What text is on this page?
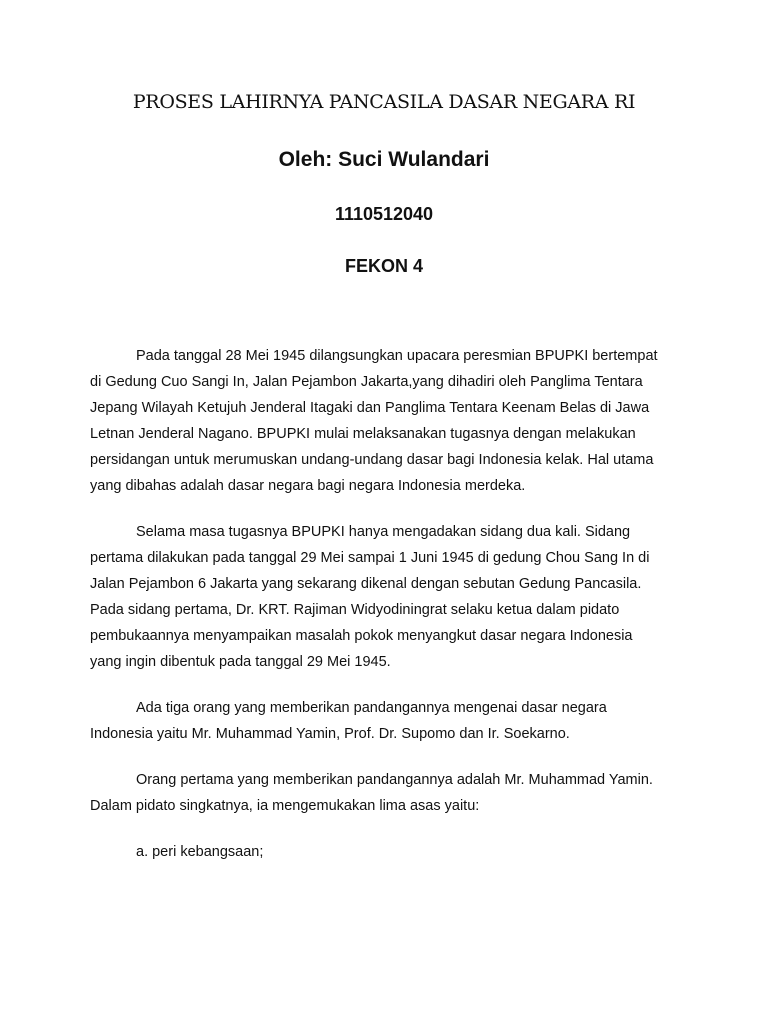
PROSES LAHIRNYA PANCASILA DASAR NEGARA RI
Oleh: Suci Wulandari
1110512040
FEKON 4

Pada tanggal 28 Mei 1945 dilangsungkan upacara peresmian BPUPKI bertempat
di Gedung Cuo Sangi In, Jalan Pejambon Jakarta,yang dihadiri oleh Panglima Tentara
Jepang Wilayah Ketujuh Jenderal Itagaki dan Panglima Tentara Keenam Belas di Jawa
Letnan Jenderal Nagano. BPUPKI mulai melaksanakan tugasnya dengan melakukan
persidangan untuk merumuskan undang-undang dasar bagi Indonesia kelak. Hal utama
yang dibahas adalah dasar negara bagi negara Indonesia merdeka.

Selama masa tugasnya BPUPKI hanya mengadakan sidang dua kali. Sidang
pertama dilakukan pada tanggal 29 Mei sampai 1 Juni 1945 di gedung Chou Sang In di
Jalan Pejambon 6 Jakarta yang sekarang dikenal dengan sebutan Gedung Pancasila.
Pada sidang pertama, Dr. KRT. Rajiman Widyodiningrat selaku ketua dalam pidato
pembukaannya menyampaikan masalah pokok menyangkut dasar negara Indonesia
yang ingin dibentuk pada tanggal 29 Mei 1945.

Ada tiga orang yang memberikan pandangannya mengenai dasar negara
Indonesia yaitu Mr. Muhammad Yamin, Prof. Dr. Supomo dan Ir. Soekarno.

Orang pertama yang memberikan pandangannya adalah Mr. Muhammad Yamin.
Dalam pidato singkatnya, ia mengemukakan lima asas yaitu:

a. peri kebangsaan;
